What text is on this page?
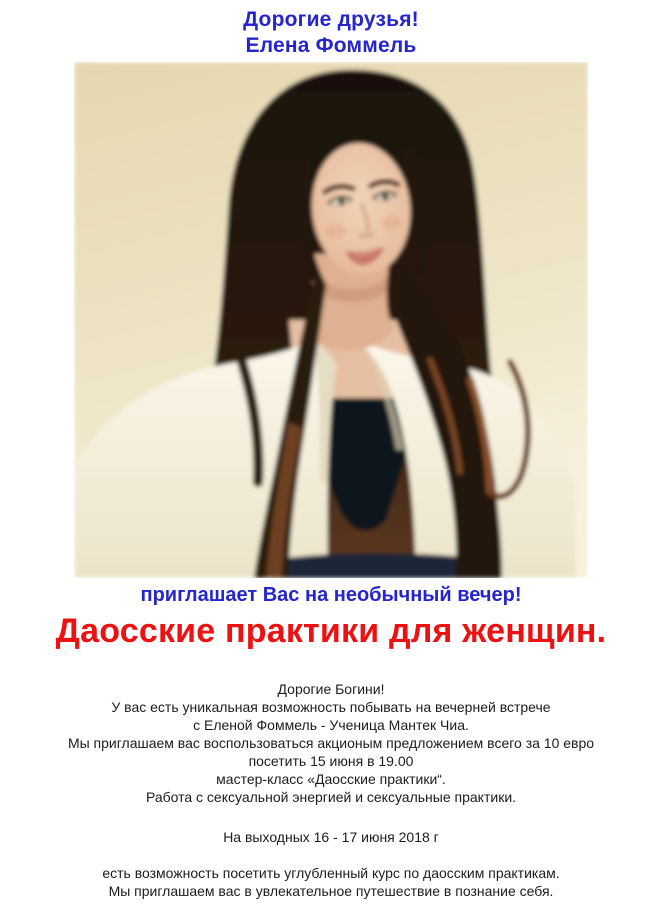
Дорогие друзья!
Елена Фоммель
приглашает Вас на необычный вечер!
Даосские практики для женщин.
Дорогие Богини!
У вас есть уникальная возможность побывать на вечерней встрече
с Еленой Фоммель - Ученица Мантек Чиа.
Мы приглашаем вас воспользоваться акционым предложением всего за 10 евро
посетить 15 июня в 19.00
мастер-класс «Даосские практики“.
Работа с сексуальной энергией и сексуальные практики.
На выходных 16 - 17 июня 2018 г
есть возможность посетить углубленный курс по даосским практикам.
Мы приглашаем вас в увлекательное путешествие в познание себя.
